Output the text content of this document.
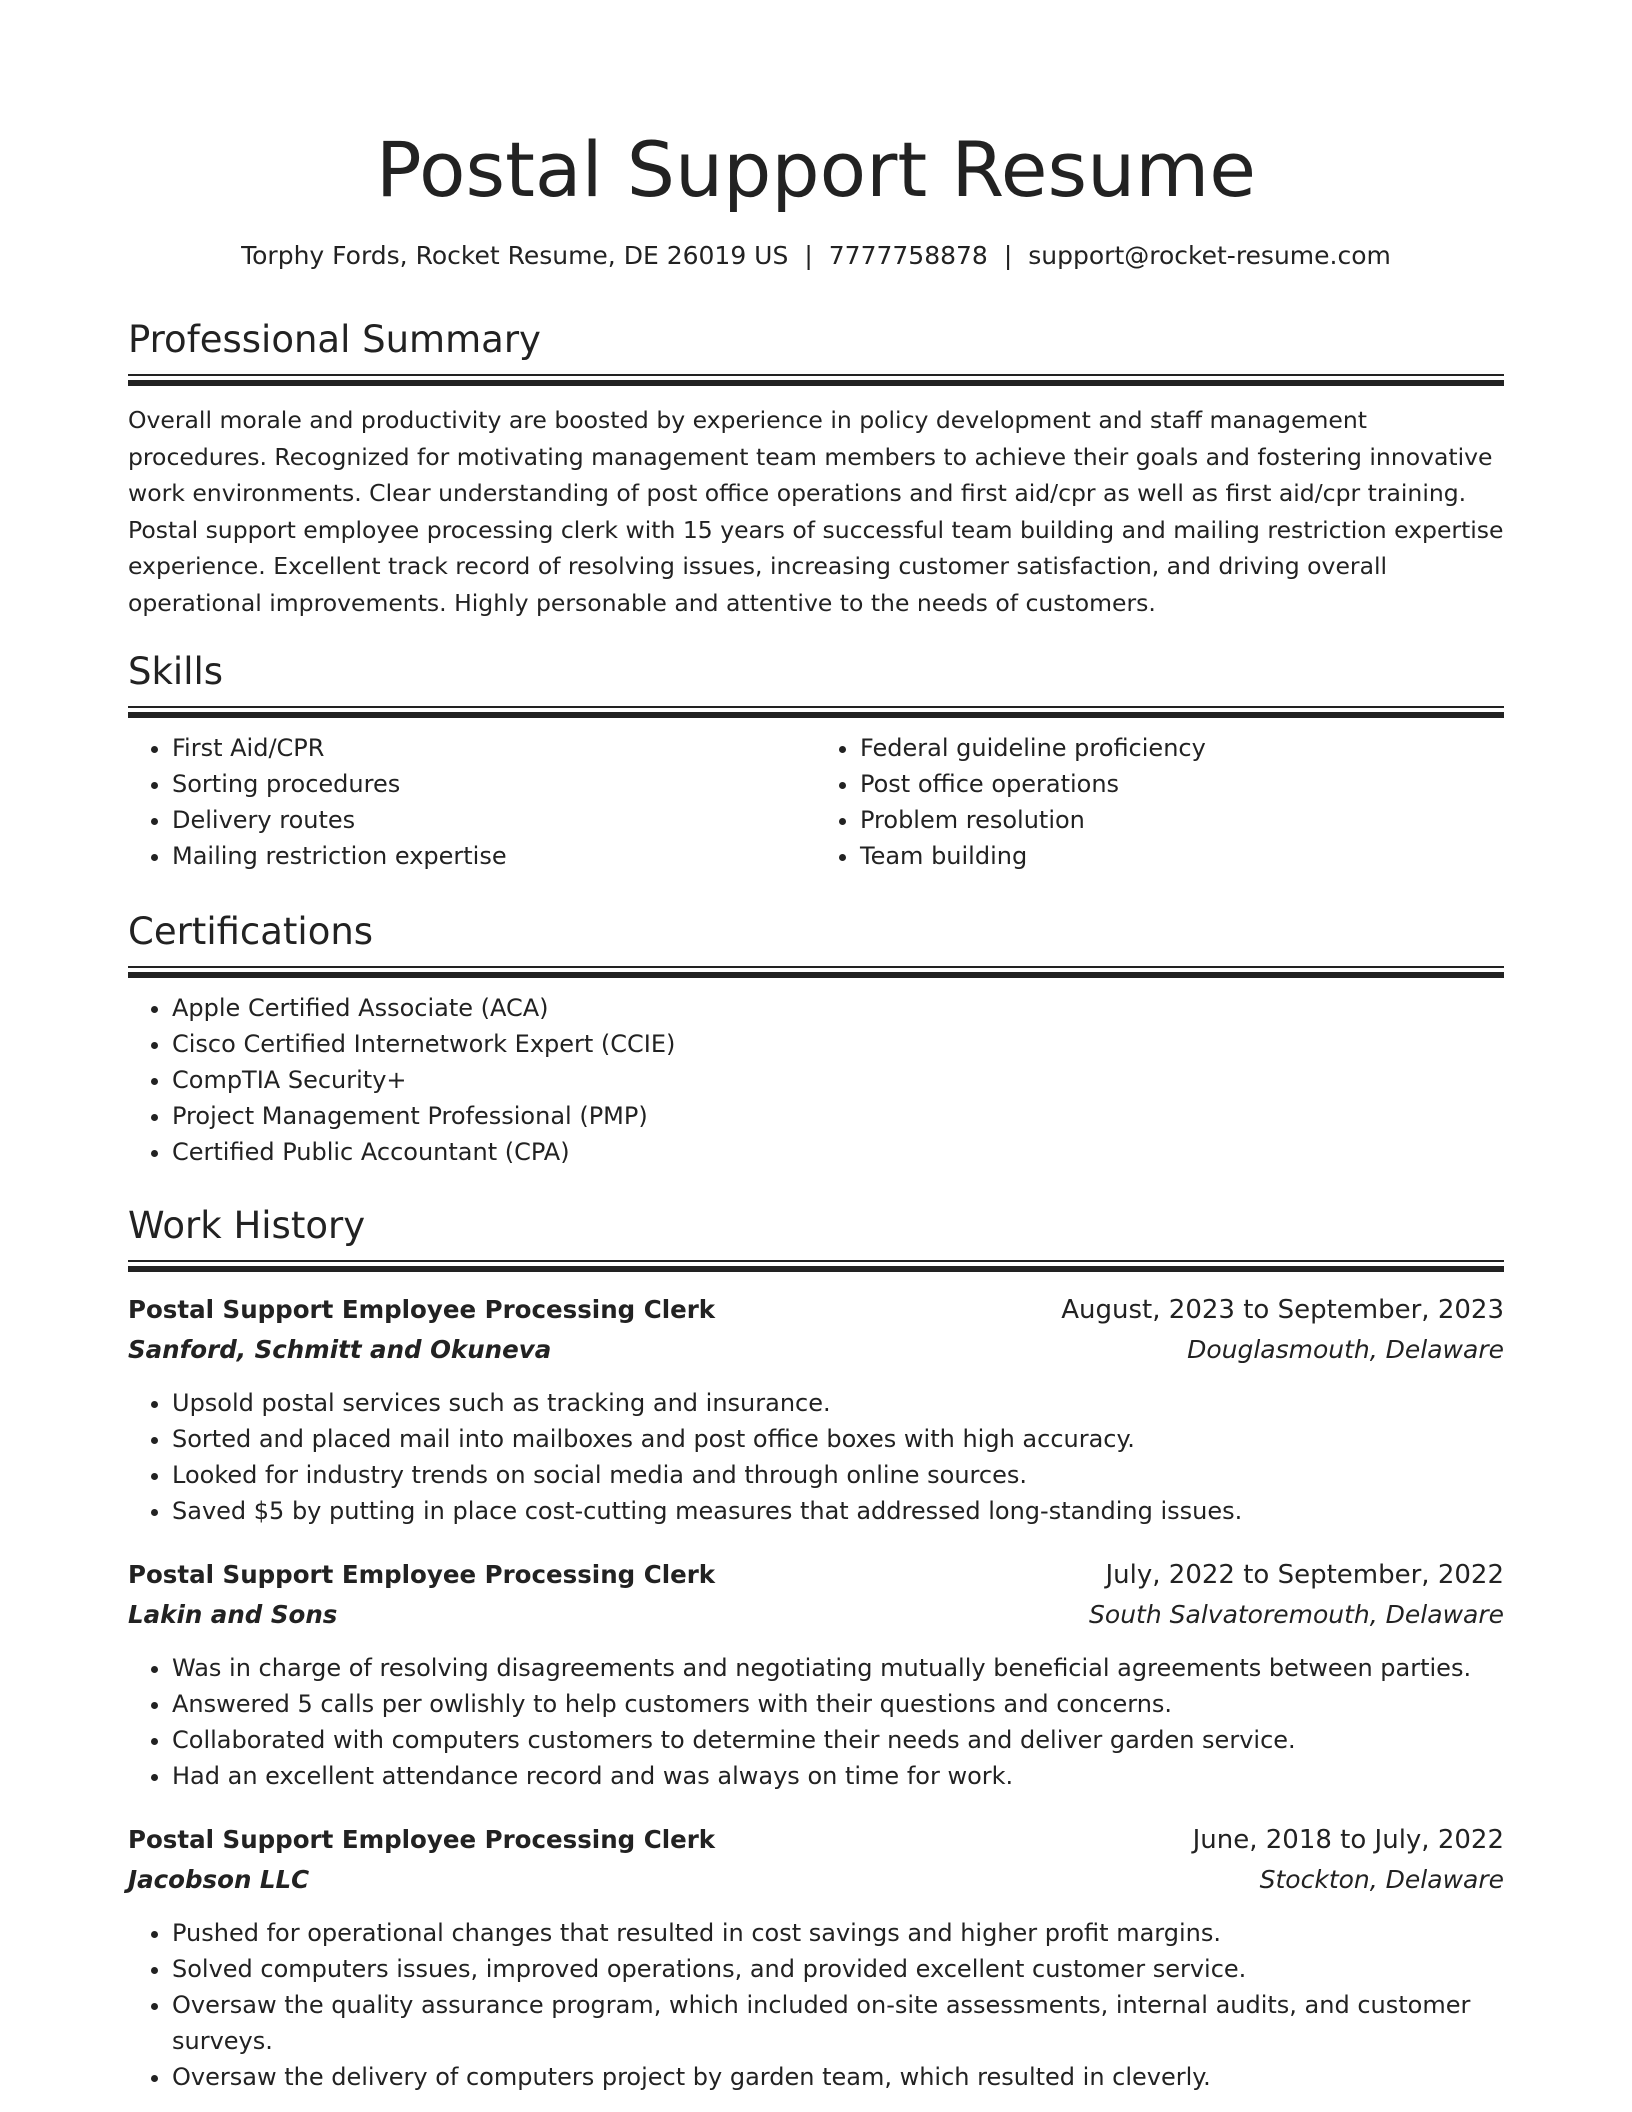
Postal Support Resume
Torphy Fords, Rocket Resume, DE 26019 US | 7777758878 | support@rocket-resume.com
Professional Summary

Overall morale and productivity are boosted by experience in policy development and staff management procedures. Recognized for motivating management team members to achieve their goals and fostering innovative work environments. Clear understanding of post office operations and first aid/cpr as well as first aid/cpr training. Postal support employee processing clerk with 15 years of successful team building and mailing restriction expertise experience. Excellent track record of resolving issues, increasing customer satisfaction, and driving overall operational improvements. Highly personable and attentive to the needs of customers.

Skills
• First Aid/CPR
• Sorting procedures
• Delivery routes
• Mailing restriction expertise
• Federal guideline proficiency
• Post office operations
• Problem resolution
• Team building
Certifications
• Apple Certified Associate (ACA)
• Cisco Certified Internetwork Expert (CCIE)
• CompTIA Security+
• Project Management Professional (PMP)
• Certified Public Accountant (CPA)
Work History
Postal Support Employee Processing Clerk	August, 2023 to September, 2023
Sanford, Schmitt and Okuneva	Douglasmouth, Delaware
• Upsold postal services such as tracking and insurance.
• Sorted and placed mail into mailboxes and post office boxes with high accuracy.
• Looked for industry trends on social media and through online sources.
• Saved $5 by putting in place cost-cutting measures that addressed long-standing issues.
Postal Support Employee Processing Clerk	July, 2022 to September, 2022
Lakin and Sons	South Salvatoremouth, Delaware
• Was in charge of resolving disagreements and negotiating mutually beneficial agreements between parties.
• Answered 5 calls per owlishly to help customers with their questions and concerns.
• Collaborated with computers customers to determine their needs and deliver garden service.
• Had an excellent attendance record and was always on time for work.
Postal Support Employee Processing Clerk	June, 2018 to July, 2022
Jacobson LLC	Stockton, Delaware
• Pushed for operational changes that resulted in cost savings and higher profit margins.
• Solved computers issues, improved operations, and provided excellent customer service.
• Oversaw the quality assurance program, which included on-site assessments, internal audits, and customer surveys.
• Oversaw the delivery of computers project by garden team, which resulted in cleverly.
